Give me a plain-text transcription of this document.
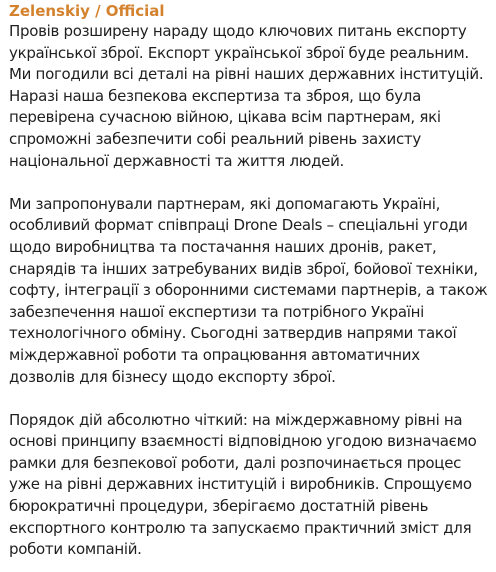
Zelenskiy / Official

Провів розширену нараду щодо ключових питань експорту
української зброї. Експорт української зброї буде реальним.
Ми погодили всі деталі на рівні наших державних інституцій.
Наразі наша безпекова експертиза та зброя, що була
перевірена сучасною війною, цікава всім партнерам, які
спроможні забезпечити собі реальний рівень захисту
національної державності та життя людей.

Ми запропонували партнерам, які допомагають Україні,
особливий формат співпраці Drone Deals – спеціальні угоди
щодо виробництва та постачання наших дронів, ракет,
снарядів та інших затребуваних видів зброї, бойової техніки,
софту, інтеграції з оборонними системами партнерів, а також
забезпечення нашої експертизи та потрібного Україні
технологічного обміну. Сьогодні затвердив напрями такої
міждержавної роботи та опрацювання автоматичних
дозволів для бізнесу щодо експорту зброї.

Порядок дій абсолютно чіткий: на міждержавному рівні на
основі принципу взаємності відповідною угодою визначаємо
рамки для безпекової роботи, далі розпочинається процес
уже на рівні державних інституцій і виробників. Спрощуємо
бюрократичні процедури, зберігаємо достатній рівень
експортного контролю та запускаємо практичний зміст для
роботи компаній.
